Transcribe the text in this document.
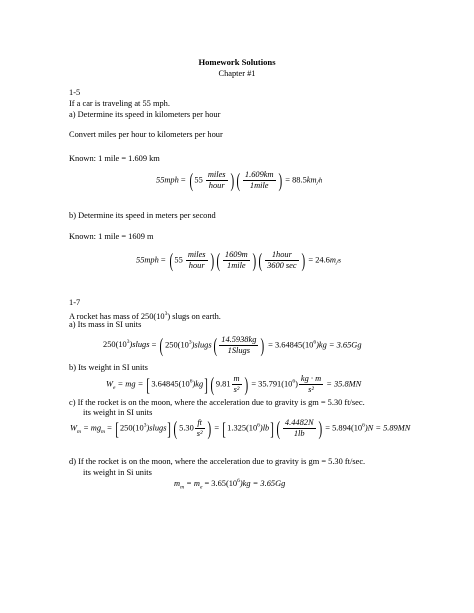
Homework Solutions
Chapter #1
1-5
If a car is traveling at 55 mph.
a) Determine its speed in kilometers per hour
Convert miles per hour to kilometers per hour
Known: 1 mile = 1.609 km
55mph = ( $55 \frac{\text{miles}}{\text{hour}}$ ) ( $\frac{1.609km}{\text{1mile}}$ ) = 88.5km/h
b) Determine its speed in meters per second
Known: 1 mile = 1609 m
55mph = ( $55 \frac{\text{miles}}{\text{hour}}$ ) ( $\frac{1609m}{\text{1mile}}$ ) ( $\frac{\text{1hour}}{3600 \sec}$ ) = 24.6m/s
1-7
A rocket has mass of $250(10^3)$ slugs on earth.
a) Its mass in SI units
$250(10^3)slugs$ = ( $250(10^3)slugs( \frac{14.5938kg}{\text{1Slugs}}$ ) = $3.64845(10^6)kg = 3.65Gg$
b) Its weight in SI units
$W_e$ = mg = $[3.64845(10^6)kg]$ ( $9.81 \frac{m}{\text{s²}}$ ) = $35.791(10^6) \frac{kg \cdot m}{\text{s²}} = 35.8MN$
c) If the rocket is on the moon, where the acceleration due to gravity is gm = 5.30 ft/sec.
its weight in SI units
$W_m = mg_m$ = $[250(10^3)slugs]$ ( $5.30 \frac{ft}{\text{s²}}$ ) = $[1.325(10^6)lb]$ ( $\frac{4.4482N}{1lb}$ ) = $5.894(10^6)N = 5.89MN$
d) If the rocket is on the moon, where the acceleration due to gravity is gm = 5.30 ft/sec.
its weight in Si units
$m_m = m_e = 3.65(10^6)kg = 3.65Gg$
